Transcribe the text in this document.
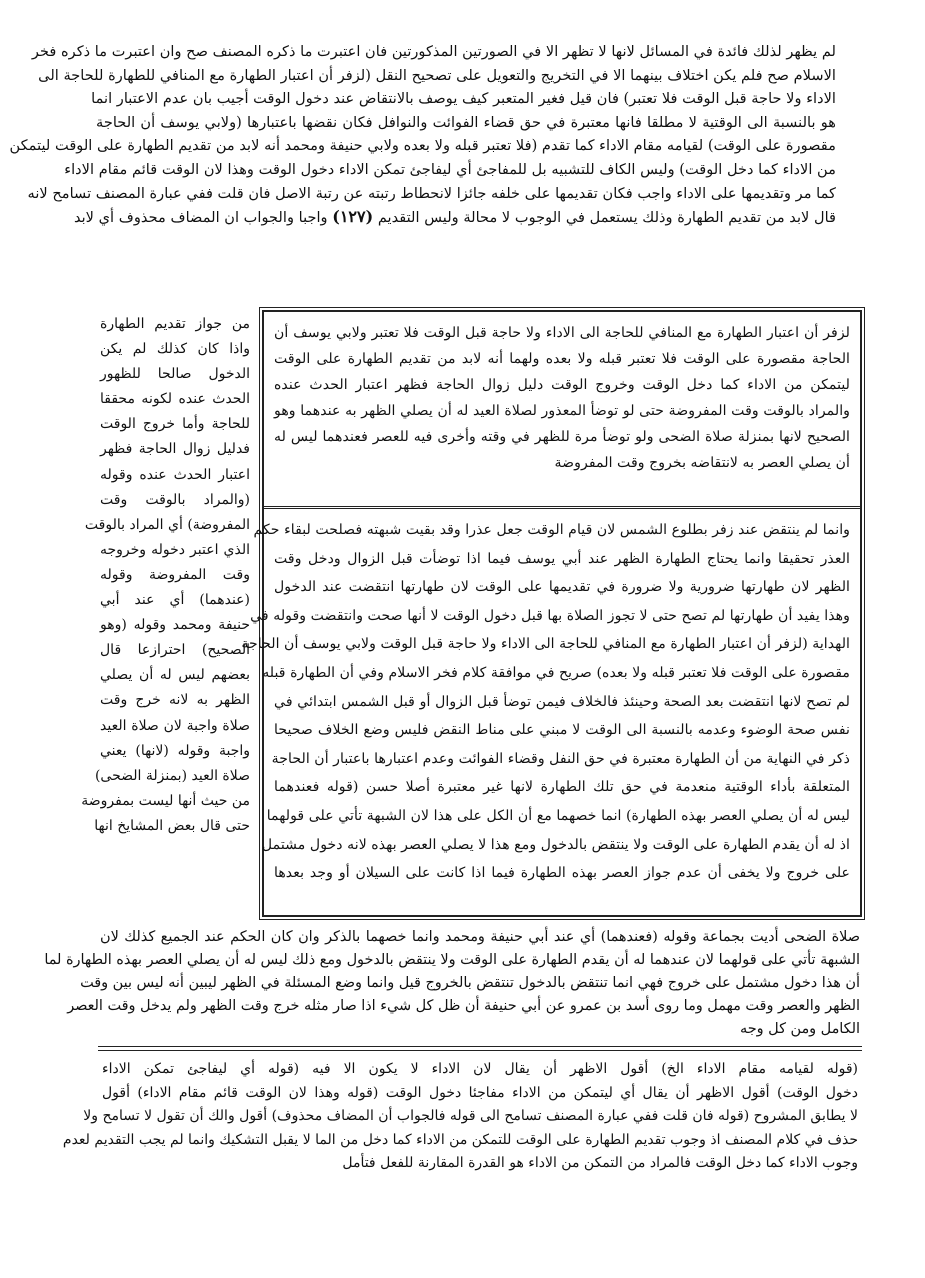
لم يظهر لذلك فائدة في المسائل لانها لا تظهر الا في الصورتين المذكورتين فان اعتبرت ما ذكره المصنف صح وان اعتبرت ما ذكره فخر
الاسلام صح فلم يكن اختلاف بينهما الا في التخريج والتعويل على تصحيح النقل (لزفر أن اعتبار الطهارة مع المنافي للطهارة للحاجة الى
الاداء ولا حاجة قبل الوقت فلا تعتبر) فان قيل فغير المتعبر كيف يوصف بالانتقاض عند دخول الوقت أجيب بان عدم الاعتبار انما
هو بالنسبة الى الوقتية لا مطلقا فانها معتبرة في حق قضاء الفوائت والنوافل فكان نقضها باعتبارها (ولابي يوسف أن الحاجة
مقصورة على الوقت) لقيامه مقام الاداء كما تقدم (فلا تعتبر قبله ولا بعده ولابي حنيفة ومحمد أنه لابد من تقديم الطهارة على الوقت ليتمكن
من الاداء كما دخل الوقت) وليس الكاف للتشبيه بل للمفاجئ أي ليفاجئ تمكن الاداء دخول الوقت وهذا لان الوقت قائم مقام الاداء
كما مر وتقديمها على الاداء واجب فكان تقديمها على خلفه جائزا لانحطاط رتبته عن رتبة الاصل فان قلت ففي عبارة المصنف تسامح لانه
قال لابد من تقديم الطهارة وذلك يستعمل في الوجوب لا محالة وليس التقديم (١٢٧) واجبا والجواب ان المضاف محذوف أي لابد
لزفر أن اعتبار الطهارة مع المنافي للحاجة الى الاداء ولا حاجة قبل الوقت فلا تعتبر ولابي يوسف أن
الحاجة مقصورة على الوقت فلا تعتبر قبله ولا بعده ولهما أنه لابد من تقديم الطهارة على الوقت
ليتمكن من الاداء كما دخل الوقت وخروج الوقت دليل زوال الحاجة فظهر اعتبار الحدث عنده
والمراد بالوقت وقت المفروضة حتى لو توضأ المعذور لصلاة العيد له أن يصلي الظهر به عندهما وهو
الصحيح لانها بمنزلة صلاة الضحى ولو توضأ مرة للظهر في وقته وأخرى فيه للعصر فعندهما ليس له
أن يصلي العصر به لانتقاضه بخروج وقت المفروضة
وانما لم ينتقض عند زفر بطلوع الشمس لان قيام الوقت جعل عذرا وقد بقيت شبهته فصلحت لبقاء حكم
العذر تحقيقا وانما يحتاج الطهارة الظهر عند أبي يوسف فيما اذا توضأت قبل الزوال ودخل وقت
الظهر لان طهارتها ضرورية ولا ضرورة في تقديمها على الوقت لان طهارتها انتقضت عند الدخول
وهذا يفيد أن طهارتها لم تصح حتى لا تجوز الصلاة بها قبل دخول الوقت لا أنها صحت وانتقضت وقوله في
الهداية (لزفر أن اعتبار الطهارة مع المنافي للحاجة الى الاداء ولا حاجة قبل الوقت ولابي يوسف أن الحاجة
مقصورة على الوقت فلا تعتبر قبله ولا بعده) صريح في موافقة كلام فخر الاسلام وفي أن الطهارة قبله
لم تصح لانها انتقضت بعد الصحة وحينئذ فالخلاف فيمن توضأ قبل الزوال أو قبل الشمس ابتدائي في
نفس صحة الوضوء وعدمه بالنسبة الى الوقت لا مبني على مناط النقض فليس وضع الخلاف صحيحا
ذكر في النهاية من أن الطهارة معتبرة في حق النفل وقضاء الفوائت وعدم اعتبارها باعتبار أن الحاجة
المتعلقة بأداء الوقتية منعدمة في حق تلك الطهارة لانها غير معتبرة أصلا حسن (قوله فعندهما
ليس له أن يصلي العصر بهذه الطهارة) انما خصهما مع أن الكل على هذا لان الشبهة تأتي على قولهما
اذ له أن يقدم الطهارة على الوقت ولا ينتقض بالدخول ومع هذا لا يصلي العصر بهذه لانه دخول مشتمل
على خروج ولا يخفى أن عدم جواز العصر بهذه الطهارة فيما اذا كانت على السيلان أو وجد بعدها
من جواز تقديم الطهارة
واذا كان كذلك لم يكن
الدخول صالحا للظهور
الحدث عنده لكونه محققا
للحاجة وأما خروج الوقت
فدليل زوال الحاجة فظهر
اعتبار الحدث عنده وقوله
(والمراد بالوقت وقت
المفروضة) أي المراد بالوقت
الذي اعتبر دخوله وخروجه
وقت المفروضة وقوله
(عندهما) أي عند أبي
حنيفة ومحمد وقوله (وهو
الصحيح) احترازعا قال
بعضهم ليس له أن يصلي
الظهر به لانه خرج وقت
صلاة واجبة لان صلاة العيد
واجبة وقوله (لانها) يعني
صلاة العيد (بمنزلة الضحى)
من حيث أنها ليست بمفروضة
حتى قال بعض المشايخ انها
صلاة الضحى أديت بجماعة وقوله (فعندهما) أي عند أبي حنيفة ومحمد وانما خصهما بالذكر وان كان الحكم عند الجميع كذلك لان
الشبهة تأتي على قولهما لان عندهما له أن يقدم الطهارة على الوقت ولا ينتقض بالدخول ومع ذلك ليس له أن يصلي العصر بهذه الطهارة لما
أن هذا دخول مشتمل على خروج فهي انما تنتقض بالدخول تنتقض بالخروج قيل وانما وضع المسئلة في الظهر ليبين أنه ليس بين وقت
الظهر والعصر وقت مهمل وما روى أسد بن عمرو عن أبي حنيفة أن ظل كل شيء اذا صار مثله خرج وقت الظهر ولم يدخل وقت العصر
الكامل ومن كل وجه
(قوله لقيامه مقام الاداء الخ) أقول الاظهر أن يقال لان الاداء لا يكون الا فيه (قوله أي ليفاجئ تمكن الاداء
دخول الوقت) أقول الاظهر أن يقال أي ليتمكن من الاداء مفاجئا دخول الوقت (قوله وهذا لان الوقت قائم مقام الاداء) أقول
لا يطابق المشروح (قوله فان قلت ففي عبارة المصنف تسامح الى قوله فالجواب أن المضاف محذوف) أقول والك أن تقول لا تسامح ولا
حذف في كلام المصنف اذ وجوب تقديم الطهارة على الوقت للتمكن من الاداء كما دخل من الما لا يقبل التشكيك وانما لم يجب التقديم لعدم
وجوب الاداء كما دخل الوقت فالمراد من التمكن من الاداء هو القدرة المقارنة للفعل فتأمل
